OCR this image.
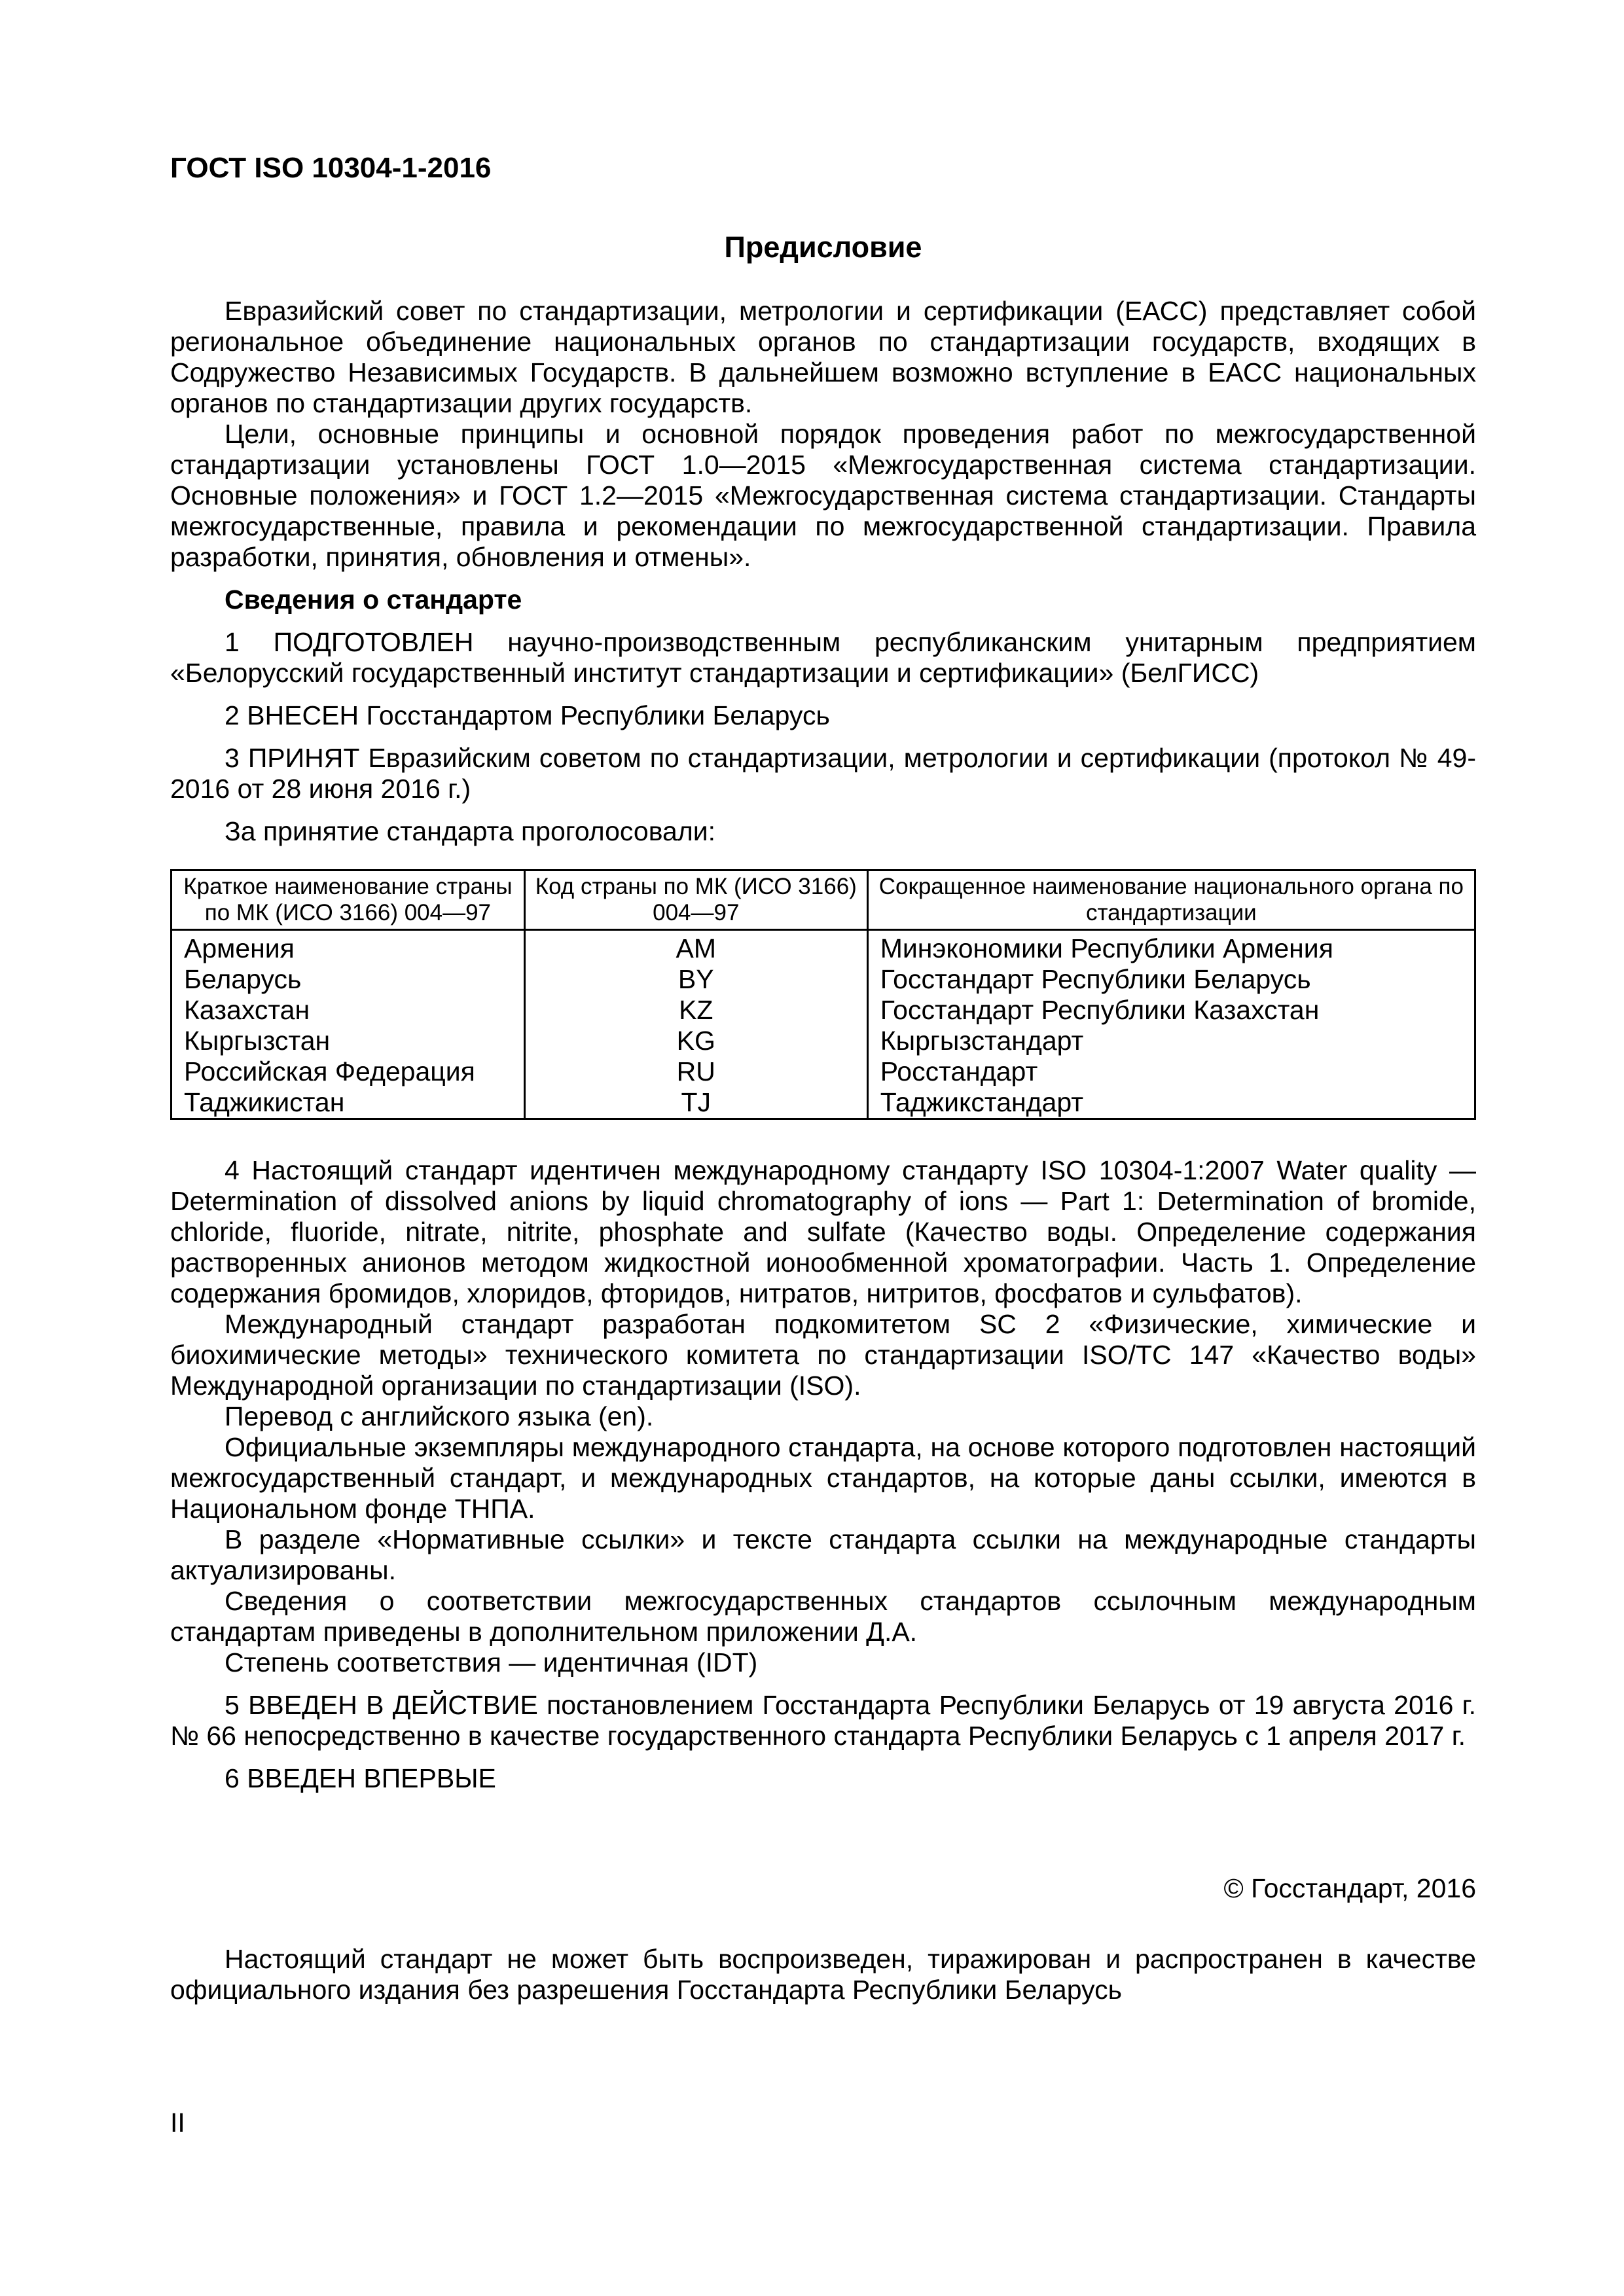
ГОСТ ISO 10304-1-2016
Предисловие

Евразийский совет по стандартизации, метрологии и сертификации (ЕАСС) представляет собой региональное объединение национальных органов по стандартизации государств, входящих в Содружество Независимых Государств. В дальнейшем возможно вступление в ЕАСС национальных органов по стандартизации других государств.

Цели, основные принципы и основной порядок проведения работ по межгосударственной стандартизации установлены ГОСТ 1.0—2015 «Межгосударственная система стандартизации. Основные положения» и ГОСТ 1.2—2015 «Межгосударственная система стандартизации. Стандарты межгосударственные, правила и рекомендации по межгосударственной стандартизации. Правила разработки, принятия, обновления и отмены».

Сведения о стандарте

1 ПОДГОТОВЛЕН научно-производственным республиканским унитарным предприятием «Белорусский государственный институт стандартизации и сертификации» (БелГИСС)

2 ВНЕСЕН Госстандартом Республики Беларусь

3 ПРИНЯТ Евразийским советом по стандартизации, метрологии и сертификации (протокол № 49-2016 от 28 июня 2016 г.)

За принятие стандарта проголосовали:

Краткое наименование страны по МК (ИСО 3166) 004—97	Код страны по МК (ИСО 3166) 004—97	Сокращенное наименование национального органа по стандартизации
Армения	AM	Минэкономики Республики Армения
Беларусь	BY	Госстандарт Республики Беларусь
Казахстан	KZ	Госстандарт Республики Казахстан
Кыргызстан	KG	Кыргызстандарт
Российская Федерация	RU	Росстандарт
Таджикистан	TJ	Таджикстандарт

4 Настоящий стандарт идентичен международному стандарту ISO 10304-1:2007 Water quality — Determination of dissolved anions by liquid chromatography of ions — Part 1: Determination of bromide, chloride, fluoride, nitrate, nitrite, phosphate and sulfate (Качество воды. Определение содержания растворенных анионов методом жидкостной ионообменной хроматографии. Часть 1. Определение содержания бромидов, хлоридов, фторидов, нитратов, нитритов, фосфатов и сульфатов).

Международный стандарт разработан подкомитетом SC 2 «Физические, химические и биохимические методы» технического комитета по стандартизации ISO/TC 147 «Качество воды» Международной организации по стандартизации (ISO).

Перевод с английского языка (en).

Официальные экземпляры международного стандарта, на основе которого подготовлен настоящий межгосударственный стандарт, и международных стандартов, на которые даны ссылки, имеются в Национальном фонде ТНПА.

В разделе «Нормативные ссылки» и тексте стандарта ссылки на международные стандарты актуализированы.

Сведения о соответствии межгосударственных стандартов ссылочным международным стандартам приведены в дополнительном приложении Д.А.

Степень соответствия — идентичная (IDT)

5 ВВЕДЕН В ДЕЙСТВИЕ постановлением Госстандарта Республики Беларусь от 19 августа 2016 г. № 66 непосредственно в качестве государственного стандарта Республики Беларусь с 1 апреля 2017 г.

6 ВВЕДЕН ВПЕРВЫЕ

© Госстандарт, 2016

Настоящий стандарт не может быть воспроизведен, тиражирован и распространен в качестве официального издания без разрешения Госстандарта Республики Беларусь

II
